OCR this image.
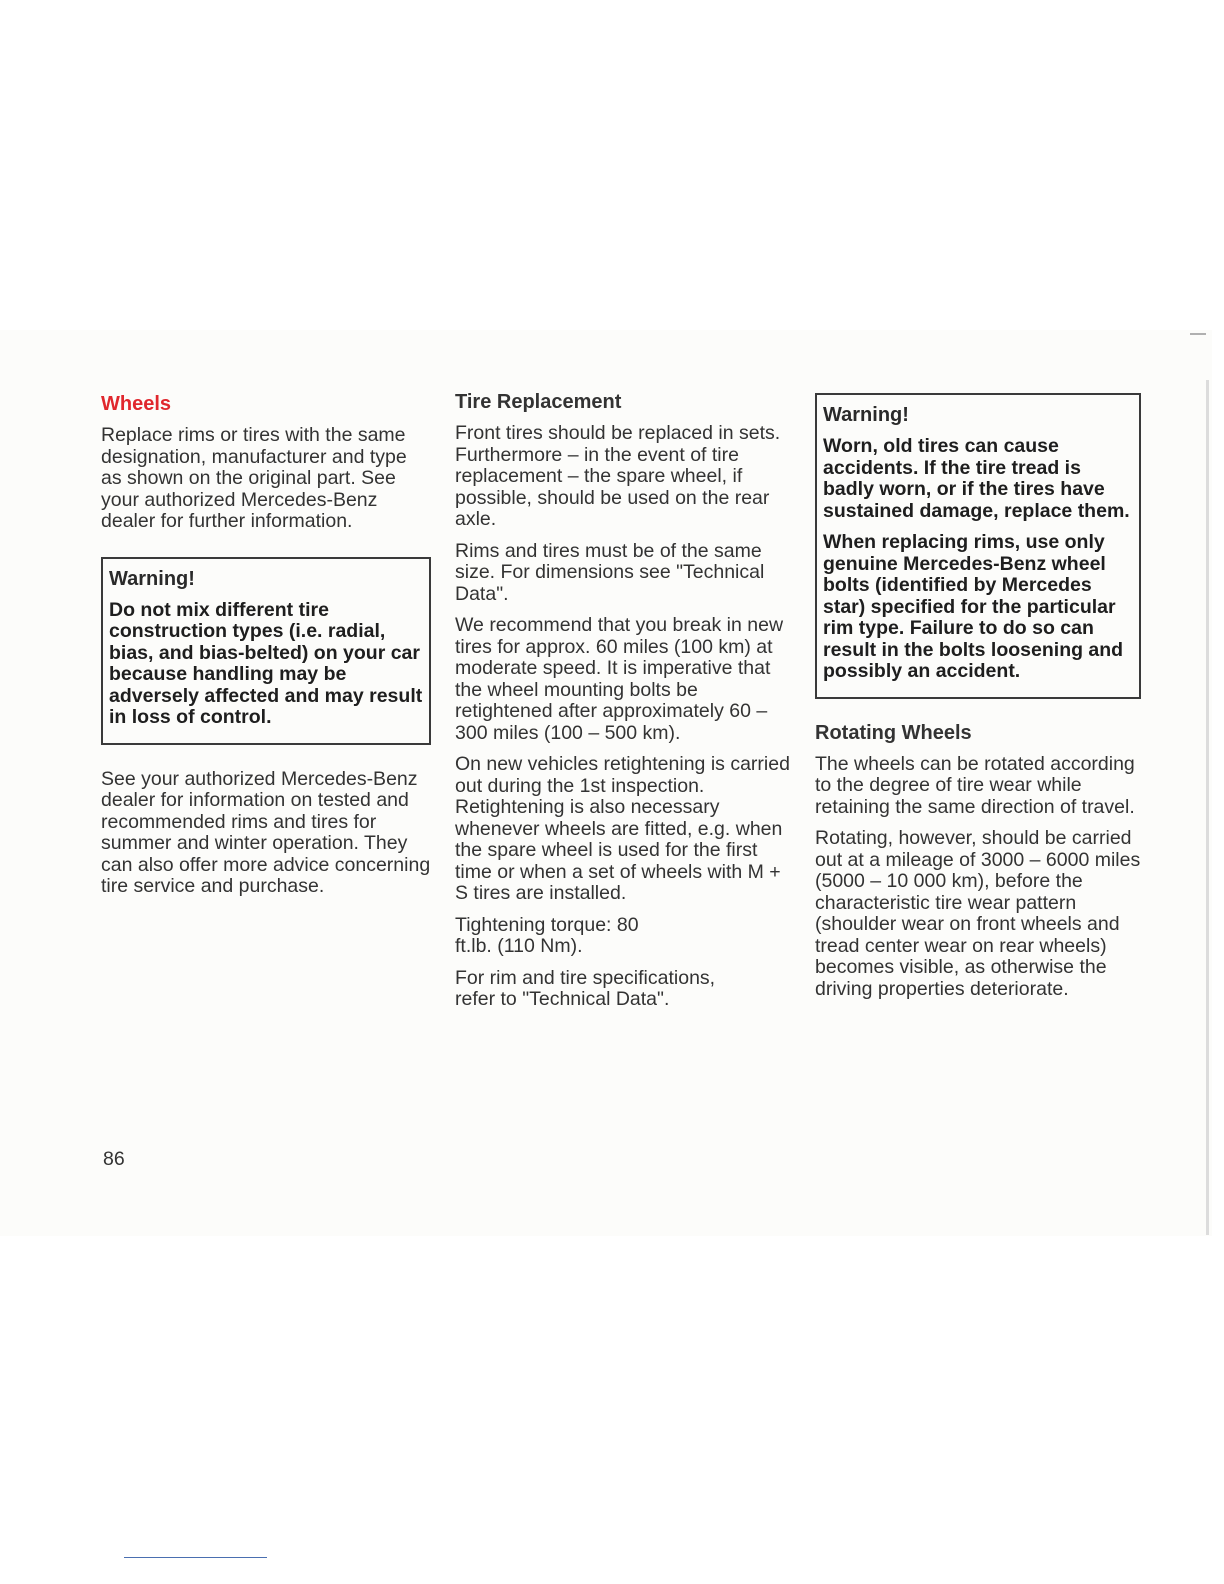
Wheels

Replace rims or tires with the same designation, manufacturer and type as shown on the original part. See your authorized Mercedes-Benz dealer for further information.

Warning!
Do not mix different tire construction types (i.e. radial, bias, and bias-belted) on your car because handling may be adversely affected and may result in loss of control.

See your authorized Mercedes-Benz dealer for information on tested and recommended rims and tires for summer and winter operation. They can also offer more advice concerning tire service and purchase.

Tire Replacement

Front tires should be replaced in sets. Furthermore – in the event of tire replacement – the spare wheel, if possible, should be used on the rear axle.

Rims and tires must be of the same size. For dimensions see "Technical Data".

We recommend that you break in new tires for approx. 60 miles (100 km) at moderate speed. It is imperative that the wheel mounting bolts be retightened after approximately 60 – 300 miles (100 – 500 km).

On new vehicles retightening is carried out during the 1st inspection. Retightening is also necessary whenever wheels are fitted, e.g. when the spare wheel is used for the first time or when a set of wheels with M + S tires are installed.

Tightening torque: 80 ft.lb. (110 Nm).

For rim and tire specifications, refer to "Technical Data".

Warning!
Worn, old tires can cause accidents. If the tire tread is badly worn, or if the tires have sustained damage, replace them.
When replacing rims, use only genuine Mercedes-Benz wheel bolts (identified by Mercedes star) specified for the particular rim type. Failure to do so can result in the bolts loosening and possibly an accident.
Rotating Wheels

The wheels can be rotated according to the degree of tire wear while retaining the same direction of travel.

Rotating, however, should be carried out at a mileage of 3000 – 6000 miles (5000 – 10 000 km), before the characteristic tire wear pattern (shoulder wear on front wheels and tread center wear on rear wheels) becomes visible, as otherwise the driving properties deteriorate.

86
